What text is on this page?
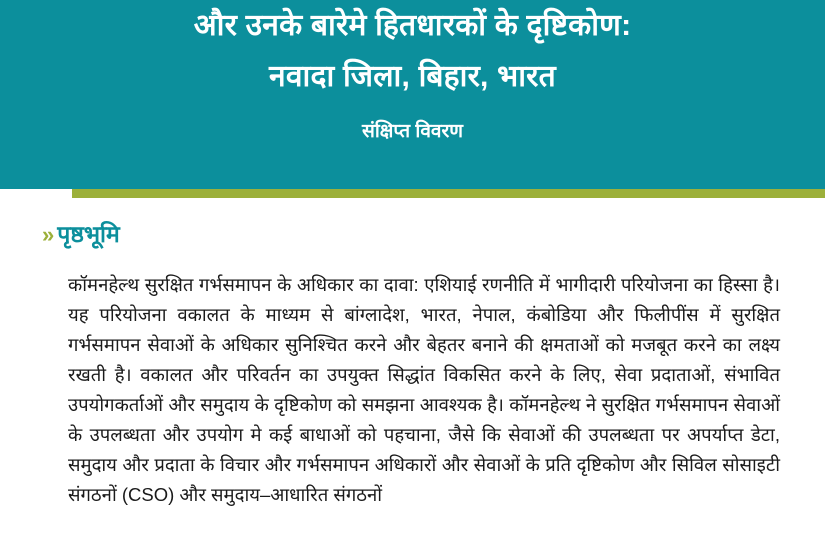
और उनके बारेमे हितधारकों के दृष्टिकोण:
नवादा जिला, बिहार, भारत
संक्षिप्त विवरण
» पृष्ठभूमि

कॉमनहेल्थ सुरक्षित गर्भसमापन के अधिकार का दावा: एशियाई रणनीति में भागीदारी परियोजना का हिस्सा है। यह परियोजना वकालत के माध्यम से बांग्लादेश, भारत, नेपाल, कंबोडिया और फिलीपींस में सुरक्षित गर्भसमापन सेवाओं के अधिकार सुनिश्चित करने और बेहतर बनाने की क्षमताओं को मजबूत करने का लक्ष्य रखती है। वकालत और परिवर्तन का उपयुक्त सिद्धांत विकसित करने के लिए, सेवा प्रदाताओं, संभावित उपयोगकर्ताओं और समुदाय के दृष्टिकोण को समझना आवश्यक है। कॉमनहेल्थ ने सुरक्षित गर्भसमापन सेवाओं के उपलब्धता और उपयोग मे कई बाधाओं को पहचाना, जैसे कि सेवाओं की उपलब्धता पर अपर्याप्त डेटा, समुदाय और प्रदाता के विचार और गर्भसमापन अधिकारों और सेवाओं के प्रति दृष्टिकोण और सिविल सोसाइटी संगठनों (CSO) और समुदाय–आधारित संगठनों
